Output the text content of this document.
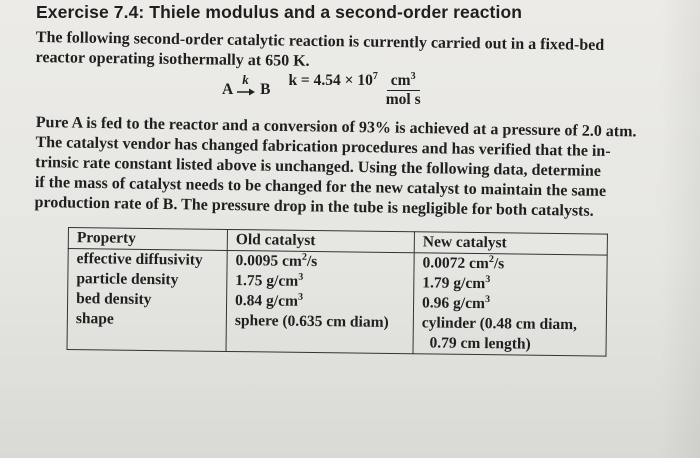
Exercise 7.4: Thiele modulus and a second-order reaction
The following second-order catalytic reaction is currently carried out in a fixed-bed
reactor operating isothermally at 650 K.
A
k
B
$k = 4.54 \times 10^7 \frac{cm^3}{\text{mol s}}$
Pure A is fed to the reactor and a conversion of 93% is achieved at a pressure of 2.0 atm.
The catalyst vendor has changed fabrication procedures and has verified that the in-
trinsic rate constant listed above is unchanged. Using the following data, determine
if the mass of catalyst needs to be changed for the new catalyst to maintain the same
production rate of B. The pressure drop in the tube is negligible for both catalysts.
Property	Old catalyst	New catalyst
effective diffusivity	0.0095 $cm^2/s$	0.0072 $cm^2/s$
particle density	1.75 $g/cm^3$	1.79 $g/cm^3$
bed density	0.84 $g/cm^3$	0.96 $g/cm^3$
shape	sphere (0.635 cm diam)	cylinder (0.48 cm diam,
		0.79 cm length)
